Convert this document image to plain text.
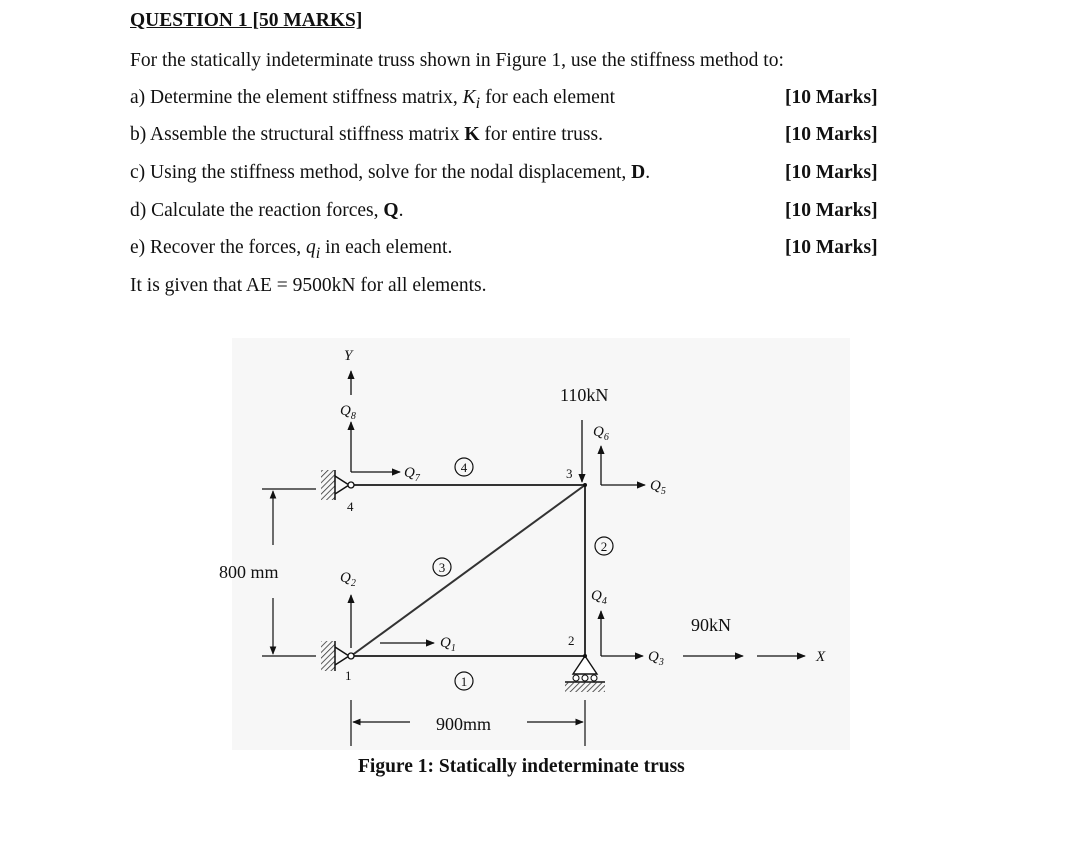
QUESTION 1 [50 MARKS]
For the statically indeterminate truss shown in Figure 1, use the stiffness method to:
a) Determine the element stiffness matrix, $K_i$ for each element	[10 Marks]
b) Assemble the structural stiffness matrix K for entire truss.	[10 Marks]
c) Using the stiffness method, solve for the nodal displacement, D.	[10 Marks]
d) Calculate the reaction forces, Q.	[10 Marks]
e) Recover the forces, $q_i$ in each element.	[10 Marks]
It is given that AE = 9500kN for all elements.
4
1
2
3
4
2
3
1
Y
X
$Q_8$
$Q_7$
$Q_2$
$Q_1$
$Q_6$
$Q_5$
$Q_4$
$Q_3$
110kN
90kN
800 mm
900mm
Figure 1: Statically indeterminate truss
